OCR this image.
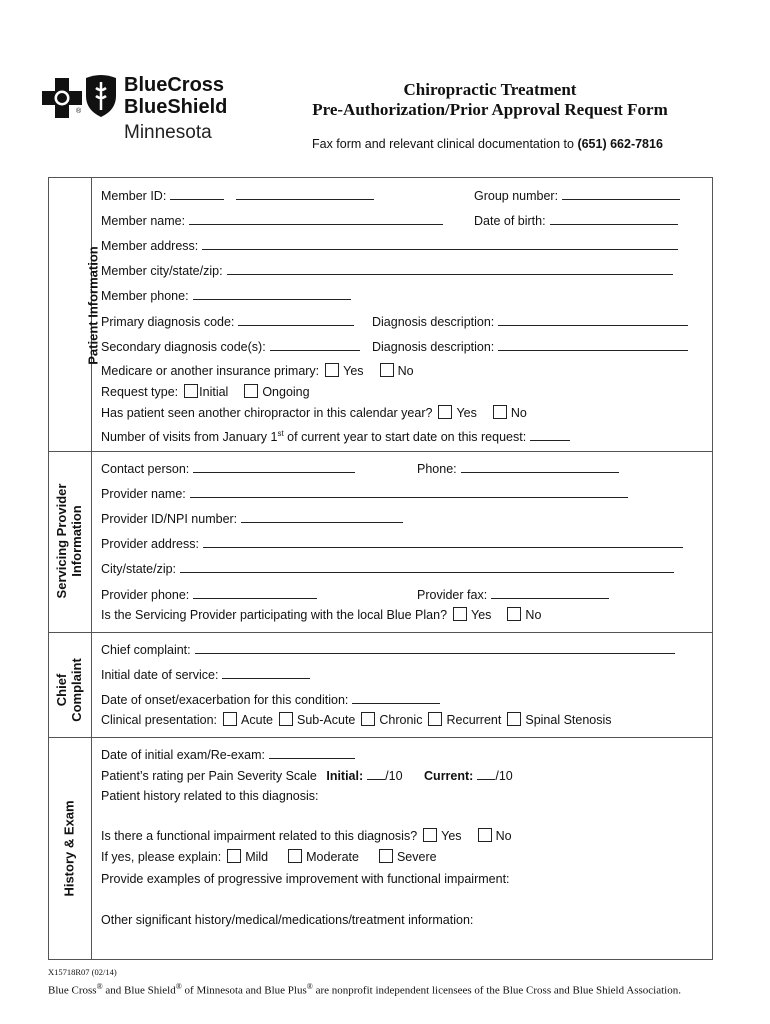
®
BlueCross
BlueShield
Minnesota
Chiropractic Treatment
Pre-Authorization/Prior Approval Request Form
Fax form and relevant clinical documentation to (651) 662-7816
Patient Information
Servicing Provider Information
Chief Complaint
History & Exam
Member ID:	Group number:
Member name:	Date of birth:
Member address:
Member city/state/zip:
Member phone:
Primary diagnosis code:	Diagnosis description:
Secondary diagnosis code(s):	Diagnosis description:
Medicare or another insurance primary: Yes	No
Request type: Initial	Ongoing
Has patient seen another chiropractor in this calendar year? Yes	No
Number of visits from January 1st of current year to start date on this request:
Contact person:	Phone:
Provider name:
Provider ID/NPI number:
Provider address:
City/state/zip:
Provider phone:	Provider fax:
Is the Servicing Provider participating with the local Blue Plan? Yes	No
Chief complaint:
Initial date of service:
Date of onset/exacerbation for this condition:
Clinical presentation: Acute Sub-Acute Chronic Recurrent Spinal Stenosis
Date of initial exam/Re-exam:
Patient’s rating per Pain Severity Scale Initial: /10 Current: /10
Patient history related to this diagnosis:
Is there a functional impairment related to this diagnosis? Yes	No
If yes, please explain: Mild	Moderate	Severe
Provide examples of progressive improvement with functional impairment:
Other significant history/medical/medications/treatment information:
X15718R07 (02/14)
Blue Cross® and Blue Shield® of Minnesota and Blue Plus® are nonprofit independent licensees of the Blue Cross and Blue Shield Association.
